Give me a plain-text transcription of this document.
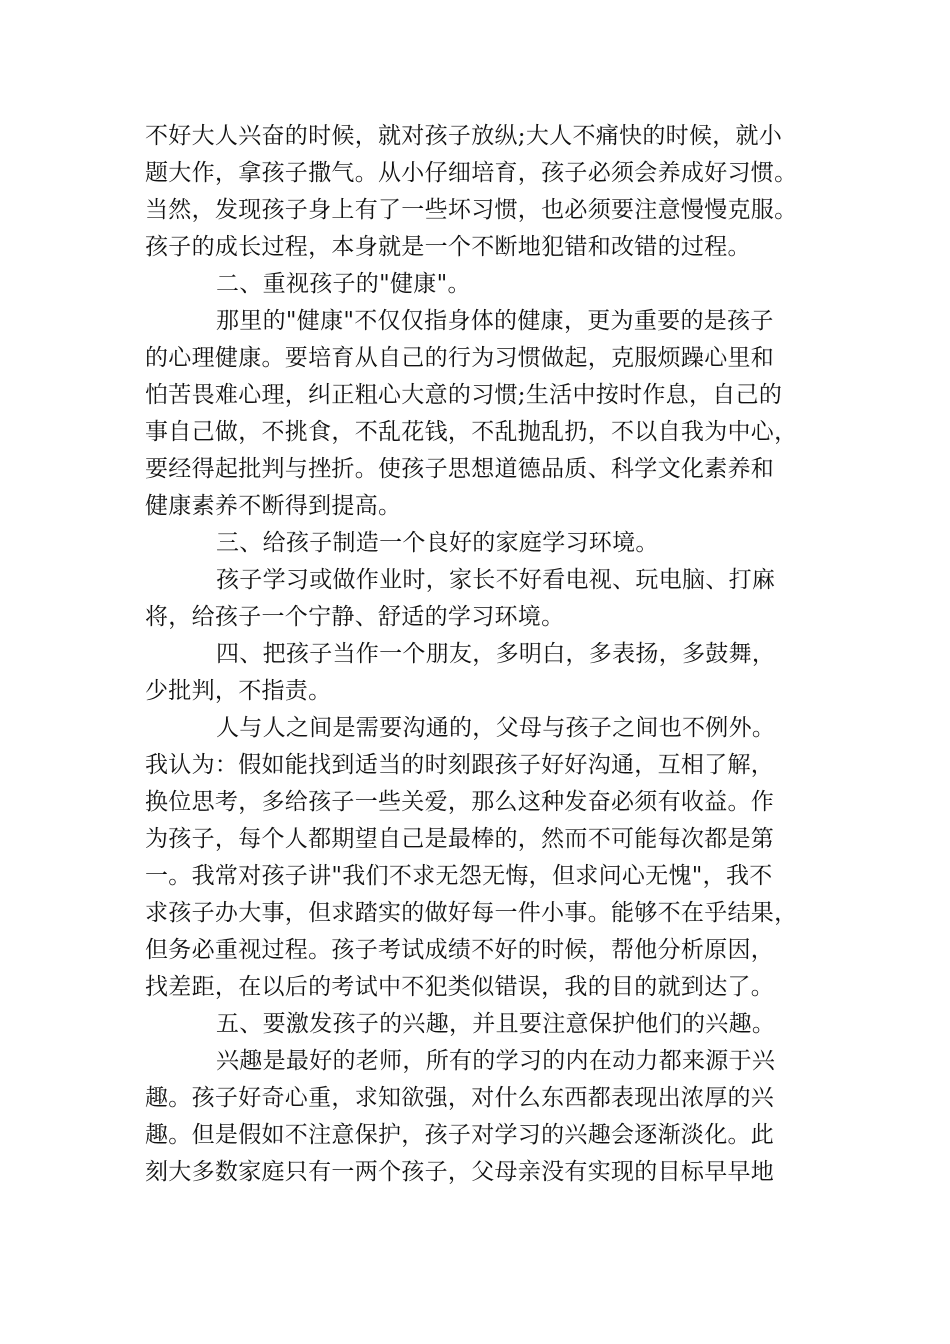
不好大人兴奋的时候，就对孩子放纵;大人不痛快的时候，就小
题大作，拿孩子撒气。从小仔细培育，孩子必须会养成好习惯。
当然，发现孩子身上有了一些坏习惯，也必须要注意慢慢克服。
孩子的成长过程，本身就是一个不断地犯错和改错的过程。
二、重视孩子的"健康"。
那里的"健康"不仅仅指身体的健康，更为重要的是孩子
的心理健康。要培育从自己的行为习惯做起，克服烦躁心里和
怕苦畏难心理，纠正粗心大意的习惯;生活中按时作息，自己的
事自己做，不挑食，不乱花钱，不乱抛乱扔，不以自我为中心，
要经得起批判与挫折。使孩子思想道德品质、科学文化素养和
健康素养不断得到提高。
三、给孩子制造一个良好的家庭学习环境。
孩子学习或做作业时，家长不好看电视、玩电脑、打麻
将，给孩子一个宁静、舒适的学习环境。
四、把孩子当作一个朋友，多明白，多表扬，多鼓舞，
少批判，不指责。
人与人之间是需要沟通的，父母与孩子之间也不例外。
我认为：假如能找到适当的时刻跟孩子好好沟通，互相了解，
换位思考，多给孩子一些关爱，那么这种发奋必须有收益。作
为孩子，每个人都期望自己是最棒的，然而不可能每次都是第
一。我常对孩子讲"我们不求无怨无悔，但求问心无愧"，我不
求孩子办大事，但求踏实的做好每一件小事。能够不在乎结果，
但务必重视过程。孩子考试成绩不好的时候，帮他分析原因，
找差距，在以后的考试中不犯类似错误，我的目的就到达了。
五、要激发孩子的兴趣，并且要注意保护他们的兴趣。
兴趣是最好的老师，所有的学习的内在动力都来源于兴
趣。孩子好奇心重，求知欲强，对什么东西都表现出浓厚的兴
趣。但是假如不注意保护，孩子对学习的兴趣会逐渐淡化。此
刻大多数家庭只有一两个孩子，父母亲没有实现的目标早早地
